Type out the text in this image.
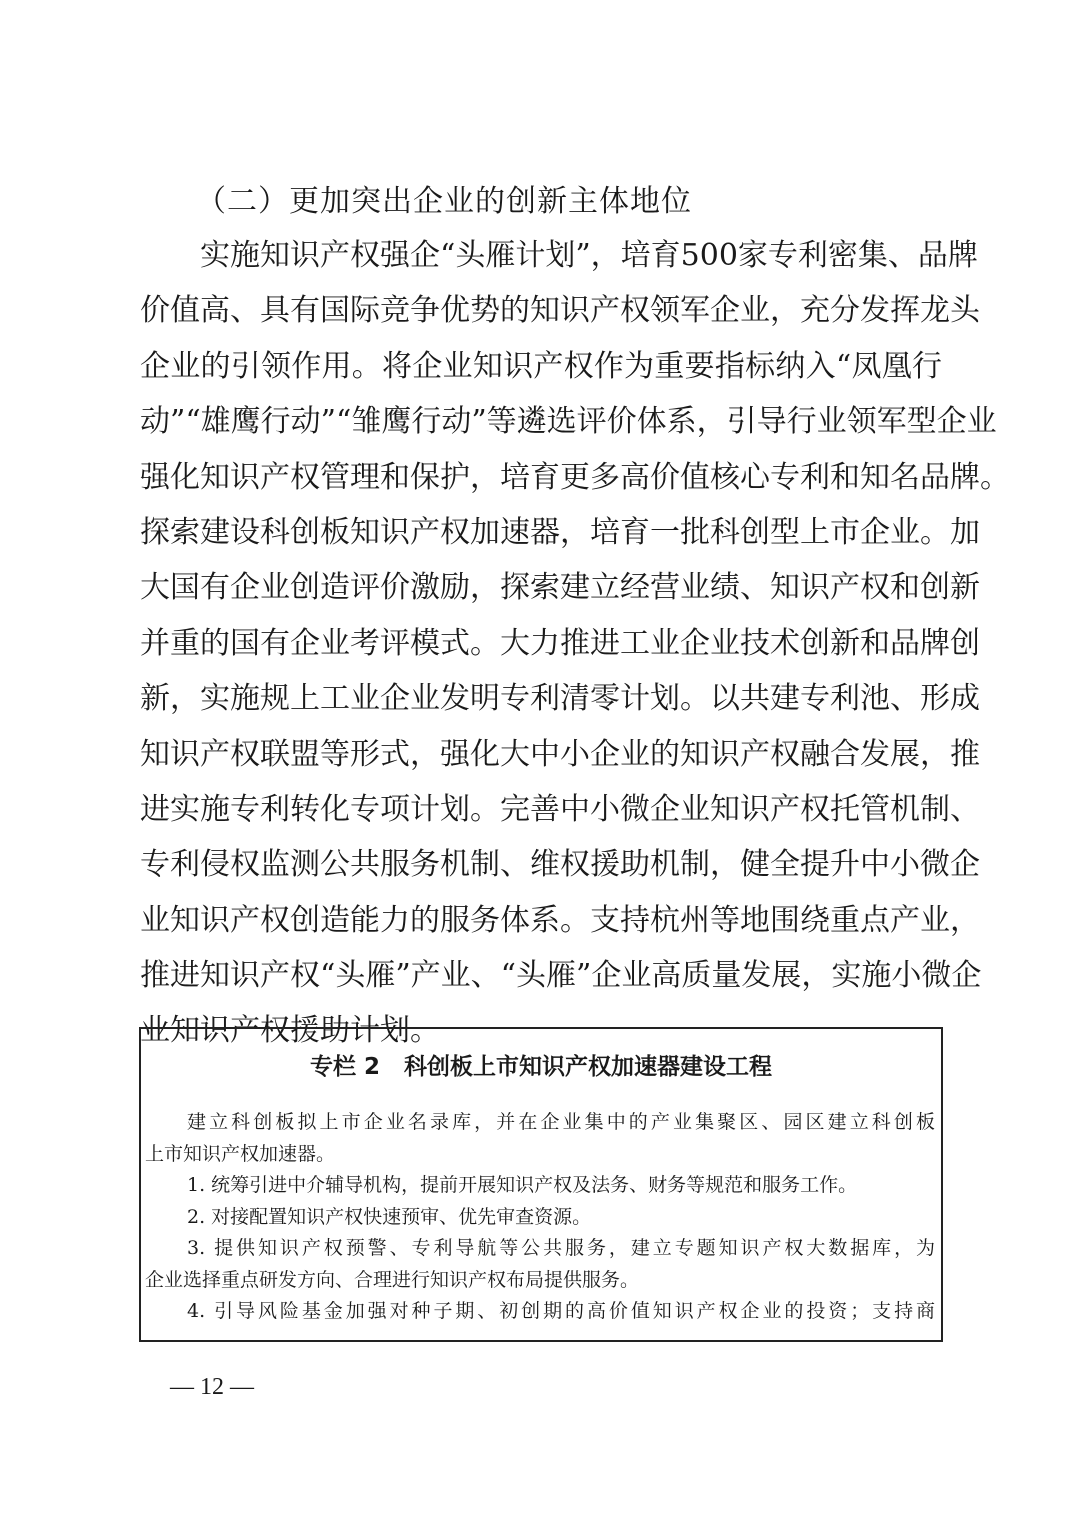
（二）更加突出企业的创新主体地位
实施知识产权强企“头雁计划”，培育500家专利密集、品牌
价值高、具有国际竞争优势的知识产权领军企业，充分发挥龙头
企业的引领作用。将企业知识产权作为重要指标纳入“凤凰行
动”“雄鹰行动”“雏鹰行动”等遴选评价体系，引导行业领军型企业
强化知识产权管理和保护，培育更多高价值核心专利和知名品牌。
探索建设科创板知识产权加速器，培育一批科创型上市企业。加
大国有企业创造评价激励，探索建立经营业绩、知识产权和创新
并重的国有企业考评模式。大力推进工业企业技术创新和品牌创
新，实施规上工业企业发明专利清零计划。以共建专利池、形成
知识产权联盟等形式，强化大中小企业的知识产权融合发展，推
进实施专利转化专项计划。完善中小微企业知识产权托管机制、
专利侵权监测公共服务机制、维权援助机制，健全提升中小微企
业知识产权创造能力的服务体系。支持杭州等地围绕重点产业，
推进知识产权“头雁”产业、“头雁”企业高质量发展，实施小微企
业知识产权援助计划。
专栏 2 科创板上市知识产权加速器建设工程
建立科创板拟上市企业名录库，并在企业集中的产业集聚区、园区建立科创板
上市知识产权加速器。
1. 统筹引进中介辅导机构，提前开展知识产权及法务、财务等规范和服务工作。
2. 对接配置知识产权快速预审、优先审查资源。
3. 提供知识产权预警、专利导航等公共服务，建立专题知识产权大数据库，为
企业选择重点研发方向、合理进行知识产权布局提供服务。
4. 引导风险基金加强对种子期、初创期的高价值知识产权企业的投资；支持商
— 12 —
